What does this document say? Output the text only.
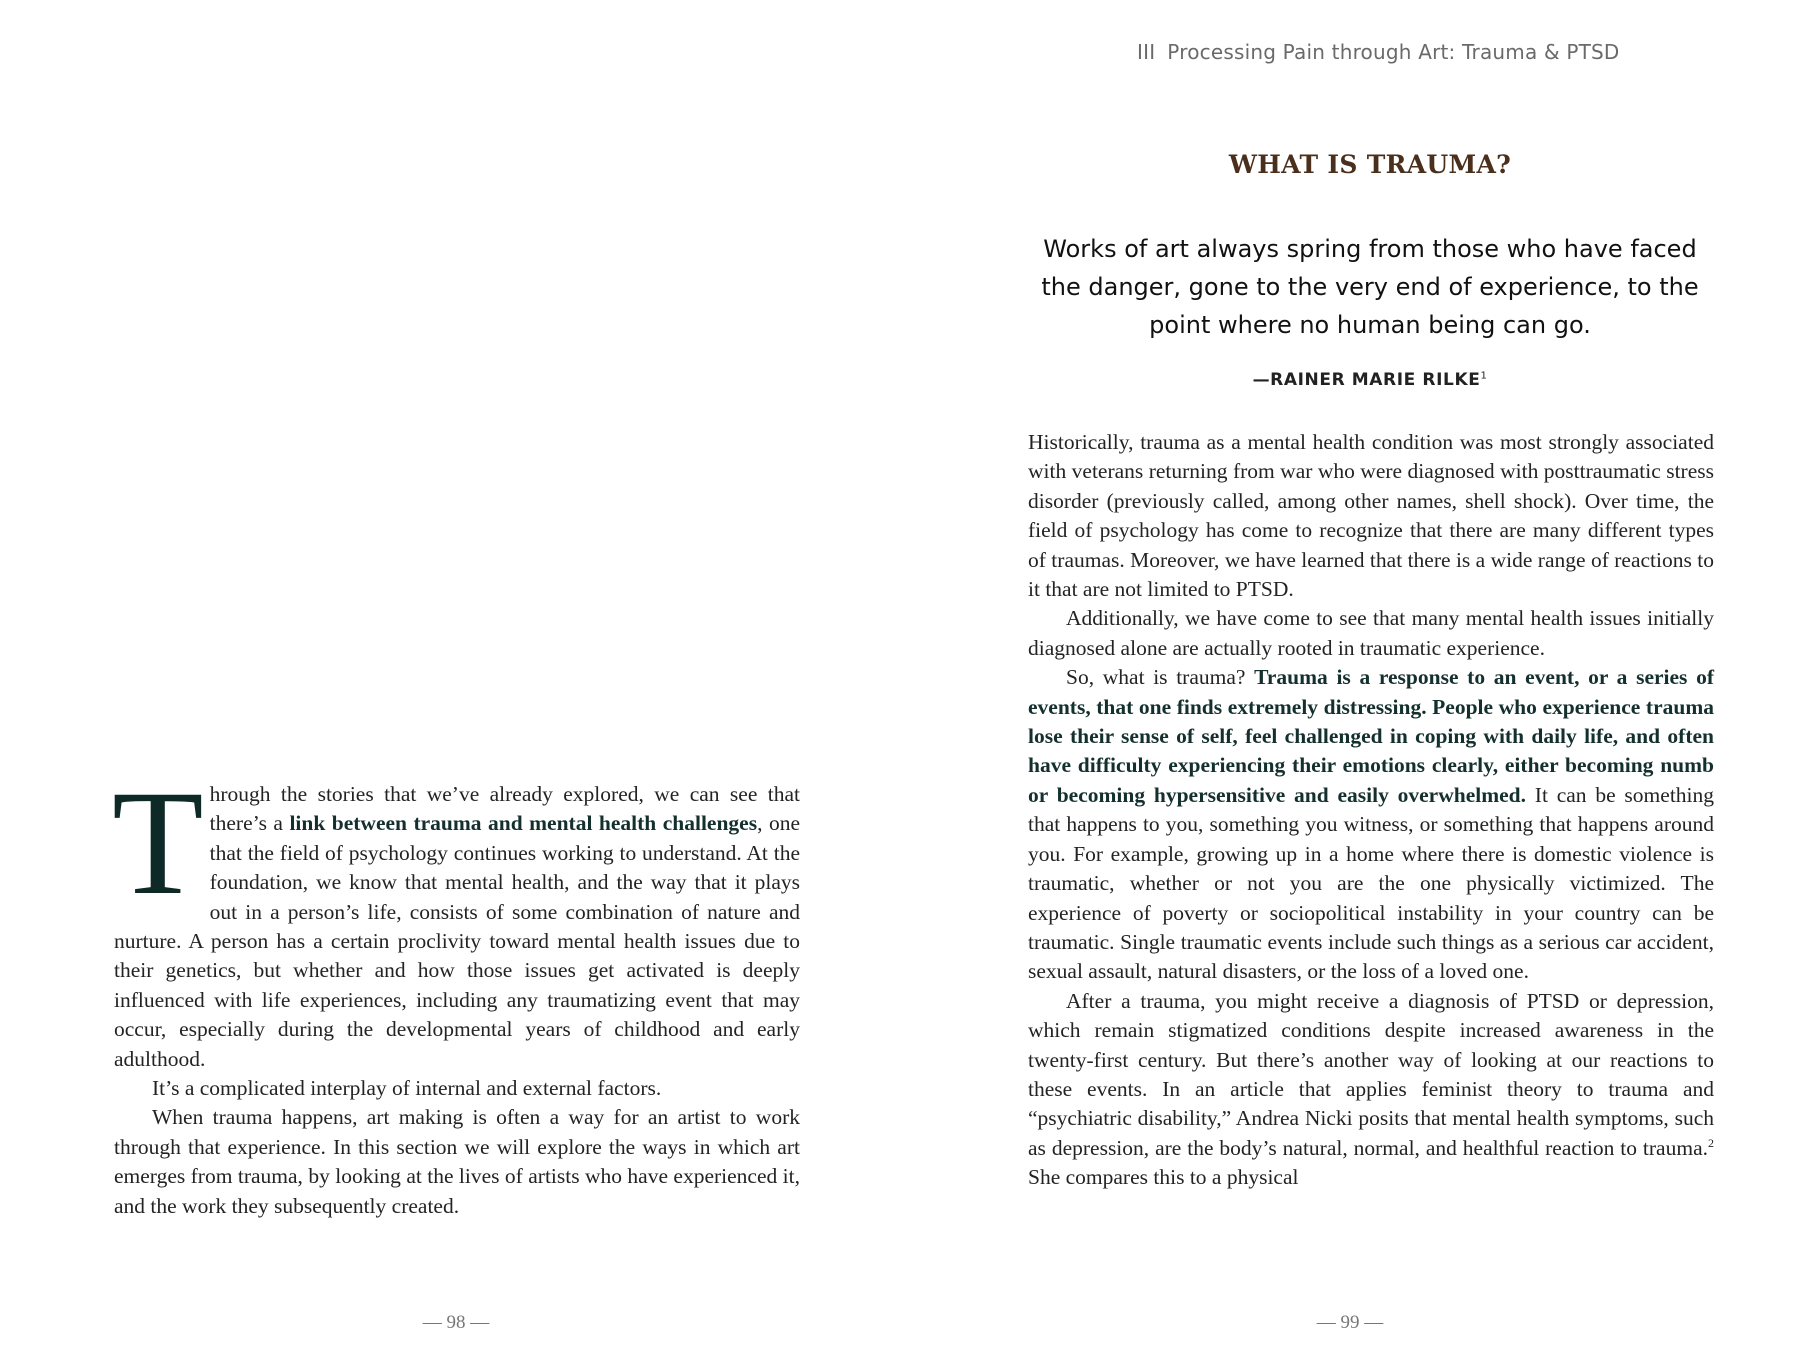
Through the stories that we’ve already explored, we can see that there’s a link between trauma and mental health challenges, one that the field of psychology continues working to understand. At the foundation, we know that mental health, and the way that it plays out in a person’s life, consists of some combination of nature and nurture. A person has a certain proclivity toward mental health issues due to their genetics, but whether and how those issues get activated is deeply influenced with life experiences, including any traumatizing event that may occur, especially during the developmental years of childhood and early adulthood.

It’s a complicated interplay of internal and external factors.

When trauma happens, art making is often a way for an artist to work through that experience. In this section we will explore the ways in which art emerges from trauma, by looking at the lives of artists who have experienced it, and the work they subsequently created.

— 98 —
III Processing Pain through Art: Trauma & PTSD
WHAT IS TRAUMA?

Works of art always spring from those who have faced the danger, gone to the very end of experience, to the point where no human being can go.

—RAINER MARIE RILKE$^1$

Historically, trauma as a mental health condition was most strongly associated with veterans returning from war who were diagnosed with posttraumatic stress disorder (previously called, among other names, shell shock). Over time, the field of psychology has come to recognize that there are many different types of traumas. Moreover, we have learned that there is a wide range of reactions to it that are not limited to PTSD.

Additionally, we have come to see that many mental health issues initially diagnosed alone are actually rooted in traumatic experience.

So, what is trauma? Trauma is a response to an event, or a series of events, that one finds extremely distressing. People who experience trauma lose their sense of self, feel challenged in coping with daily life, and often have difficulty experiencing their emotions clearly, either becoming numb or becoming hypersensitive and easily overwhelmed. It can be something that happens to you, something you witness, or something that happens around you. For example, growing up in a home where there is domestic violence is traumatic, whether or not you are the one physically victimized. The experience of poverty or sociopolitical instability in your country can be traumatic. Single traumatic events include such things as a serious car accident, sexual assault, natural disasters, or the loss of a loved one.

After a trauma, you might receive a diagnosis of PTSD or depression, which remain stigmatized conditions despite increased awareness in the twenty-first century. But there’s another way of looking at our reactions to these events. In an article that applies feminist theory to trauma and “psychiatric disability,” Andrea Nicki posits that mental health symptoms, such as depression, are the body’s natural, normal, and healthful reaction to trauma.$^2$ She compares this to a physical

— 99 —
